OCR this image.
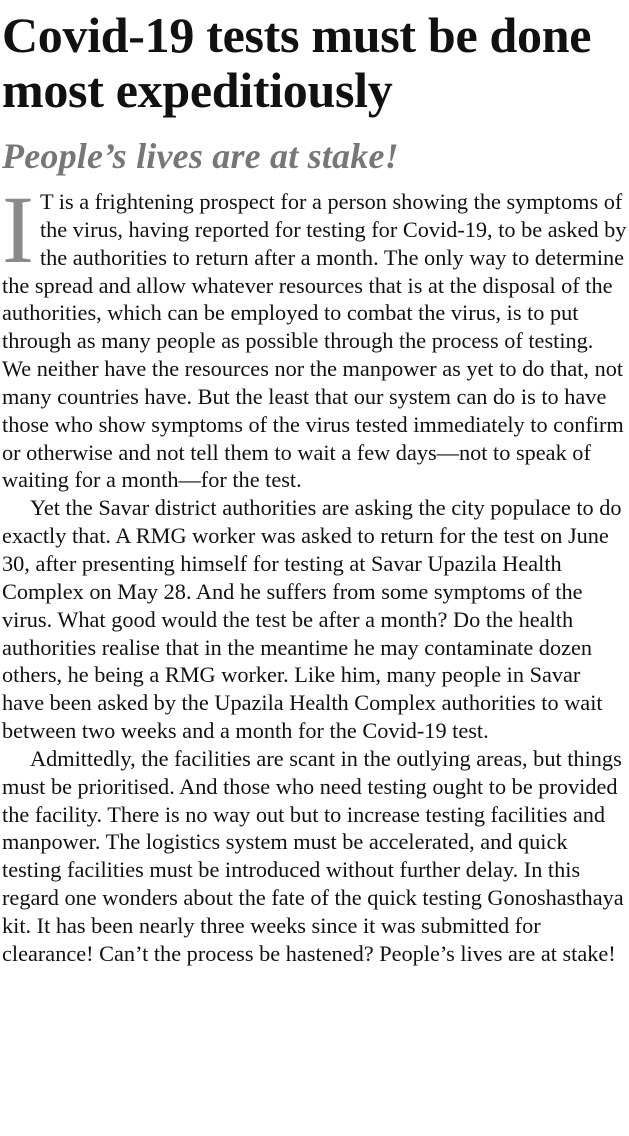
Covid-19 tests must be done most expeditiously
People’s lives are at stake!

I T is a frightening prospect for a person showing the symptoms of the virus, having reported for testing for Covid-19, to be asked by the authorities to return after a month. The only way to determine the spread and allow whatever resources that is at the disposal of the authorities, which can be employed to combat the virus, is to put through as many people as possible through the process of testing. We neither have the resources nor the manpower as yet to do that, not many countries have. But the least that our system can do is to have those who show symptoms of the virus tested immediately to confirm or otherwise and not tell them to wait a few days—not to speak of waiting for a month—for the test.

Yet the Savar district authorities are asking the city populace to do exactly that. A RMG worker was asked to return for the test on June 30, after presenting himself for testing at Savar Upazila Health Complex on May 28. And he suffers from some symptoms of the virus. What good would the test be after a month? Do the health authorities realise that in the meantime he may contaminate dozen others, he being a RMG worker. Like him, many people in Savar have been asked by the Upazila Health Complex authorities to wait between two weeks and a month for the Covid-19 test.

Admittedly, the facilities are scant in the outlying areas, but things must be prioritised. And those who need testing ought to be provided the facility. There is no way out but to increase testing facilities and manpower. The logistics system must be accelerated, and quick testing facilities must be introduced without further delay. In this regard one wonders about the fate of the quick testing Gonoshasthaya kit. It has been nearly three weeks since it was submitted for clearance! Can’t the process be hastened? People’s lives are at stake!
